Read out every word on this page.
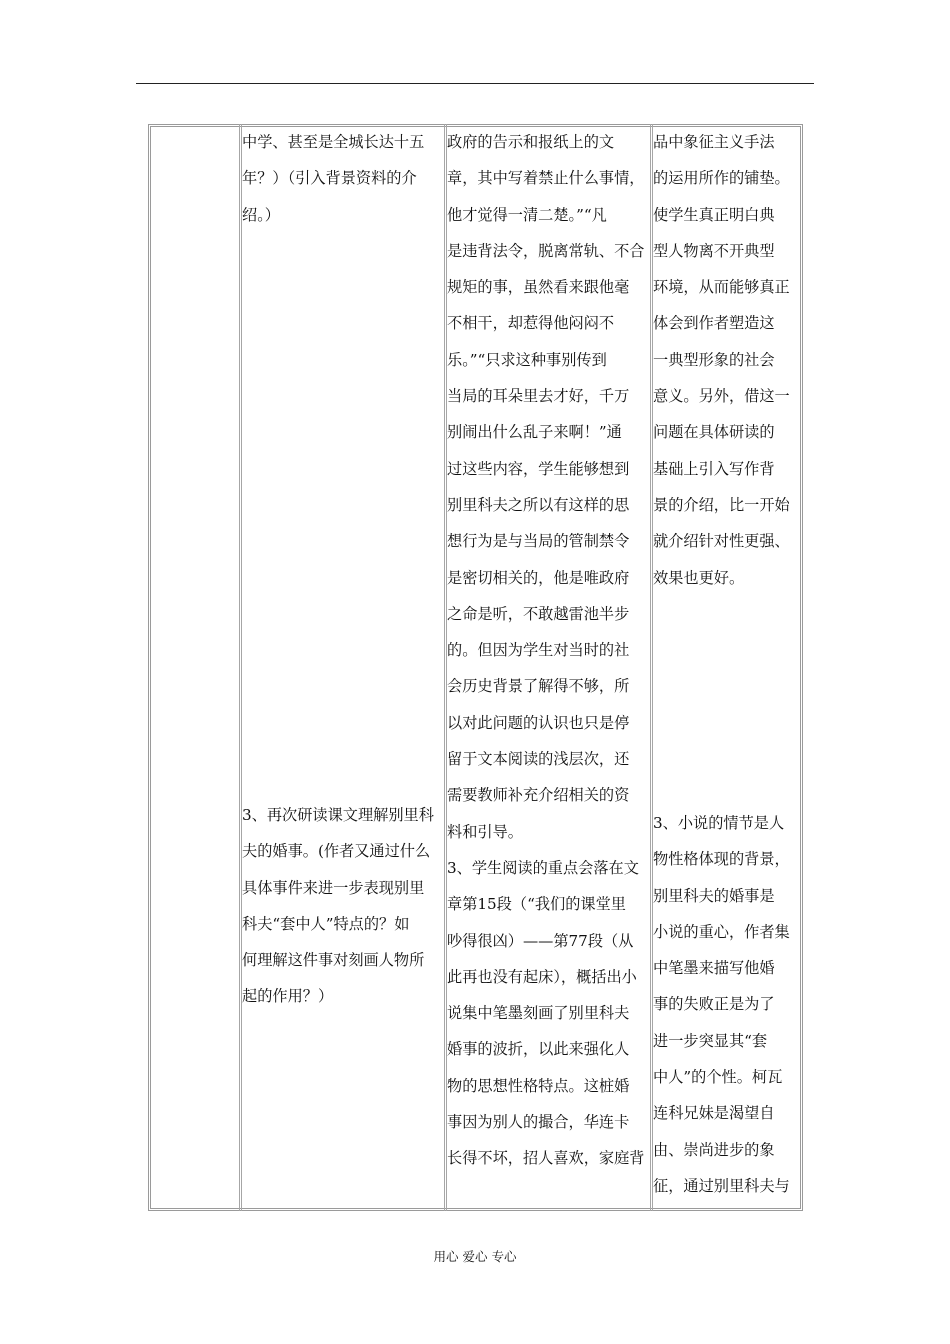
中学、甚至是全城长达十五
年？）（引入背景资料的介
绍。）
3、再次研读课文理解别里科
夫的婚事。(作者又通过什么
具体事件来进一步表现别里
科夫“套中人”特点的？如
何理解这件事对刻画人物所
起的作用？）
政府的告示和报纸上的文
章，其中写着禁止什么事情，
他才觉得一清二楚。”“凡
是违背法令，脱离常轨、不合
规矩的事，虽然看来跟他毫
不相干，却惹得他闷闷不
乐。”“只求这种事别传到
当局的耳朵里去才好，千万
别闹出什么乱子来啊！”通
过这些内容，学生能够想到
别里科夫之所以有这样的思
想行为是与当局的管制禁令
是密切相关的，他是唯政府
之命是听，不敢越雷池半步
的。但因为学生对当时的社
会历史背景了解得不够，所
以对此问题的认识也只是停
留于文本阅读的浅层次，还
需要教师补充介绍相关的资
料和引导。
3、学生阅读的重点会落在文
章第15段（“我们的课堂里
吵得很凶）——第77段（从
此再也没有起床），概括出小
说集中笔墨刻画了别里科夫
婚事的波折，以此来强化人
物的思想性格特点。这桩婚
事因为别人的撮合，华连卡
长得不坏，招人喜欢，家庭背
品中象征主义手法
的运用所作的铺垫。
使学生真正明白典
型人物离不开典型
环境，从而能够真正
体会到作者塑造这
一典型形象的社会
意义。另外，借这一
问题在具体研读的
基础上引入写作背
景的介绍，比一开始
就介绍针对性更强、
效果也更好。
3、小说的情节是人
物性格体现的背景，
别里科夫的婚事是
小说的重心，作者集
中笔墨来描写他婚
事的失败正是为了
进一步突显其“套
中人”的个性。柯瓦
连科兄妹是渴望自
由、崇尚进步的象
征，通过别里科夫与
用心 爱心 专心
